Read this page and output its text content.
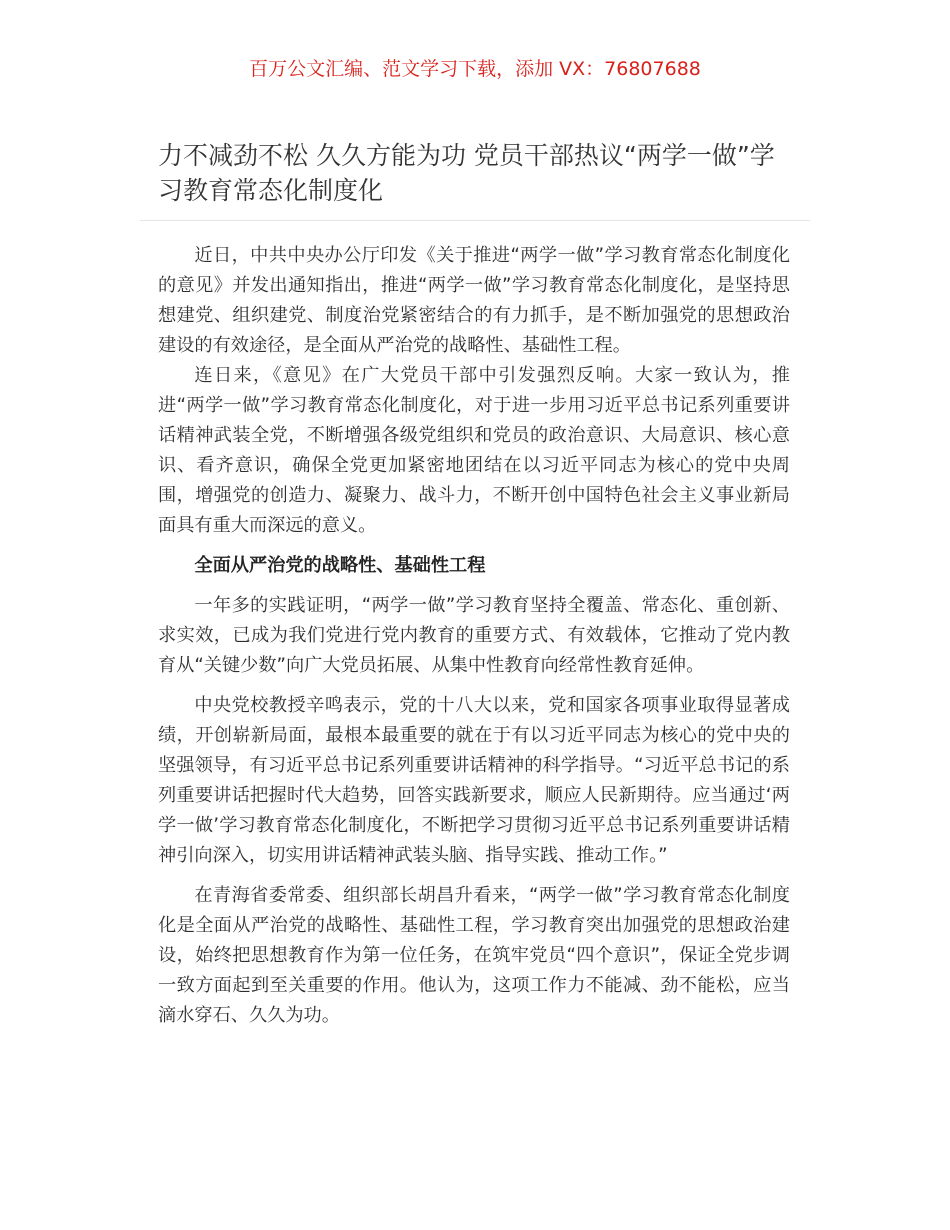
百万公文汇编、范文学习下载，添加 VX：76807688
力不减劲不松 久久方能为功 党员干部热议“两学一做”学习教育常态化制度化

近日，中共中央办公厅印发《关于推进“两学一做”学习教育常态化制度化的意见》并发出通知指出，推进“两学一做”学习教育常态化制度化，是坚持思想建党、组织建党、制度治党紧密结合的有力抓手，是不断加强党的思想政治建设的有效途径，是全面从严治党的战略性、基础性工程。

连日来，《意见》在广大党员干部中引发强烈反响。大家一致认为，推进“两学一做”学习教育常态化制度化，对于进一步用习近平总书记系列重要讲话精神武装全党，不断增强各级党组织和党员的政治意识、大局意识、核心意识、看齐意识，确保全党更加紧密地团结在以习近平同志为核心的党中央周围，增强党的创造力、凝聚力、战斗力，不断开创中国特色社会主义事业新局面具有重大而深远的意义。

全面从严治党的战略性、基础性工程

一年多的实践证明，“两学一做”学习教育坚持全覆盖、常态化、重创新、求实效，已成为我们党进行党内教育的重要方式、有效载体，它推动了党内教育从“关键少数”向广大党员拓展、从集中性教育向经常性教育延伸。

中央党校教授辛鸣表示，党的十八大以来，党和国家各项事业取得显著成绩，开创崭新局面，最根本最重要的就在于有以习近平同志为核心的党中央的坚强领导，有习近平总书记系列重要讲话精神的科学指导。“习近平总书记的系列重要讲话把握时代大趋势，回答实践新要求，顺应人民新期待。应当通过‘两学一做’学习教育常态化制度化，不断把学习贯彻习近平总书记系列重要讲话精神引向深入，切实用讲话精神武装头脑、指导实践、推动工作。”

在青海省委常委、组织部长胡昌升看来，“两学一做”学习教育常态化制度化是全面从严治党的战略性、基础性工程，学习教育突出加强党的思想政治建设，始终把思想教育作为第一位任务，在筑牢党员“四个意识”，保证全党步调一致方面起到至关重要的作用。他认为，这项工作力不能减、劲不能松，应当滴水穿石、久久为功。
